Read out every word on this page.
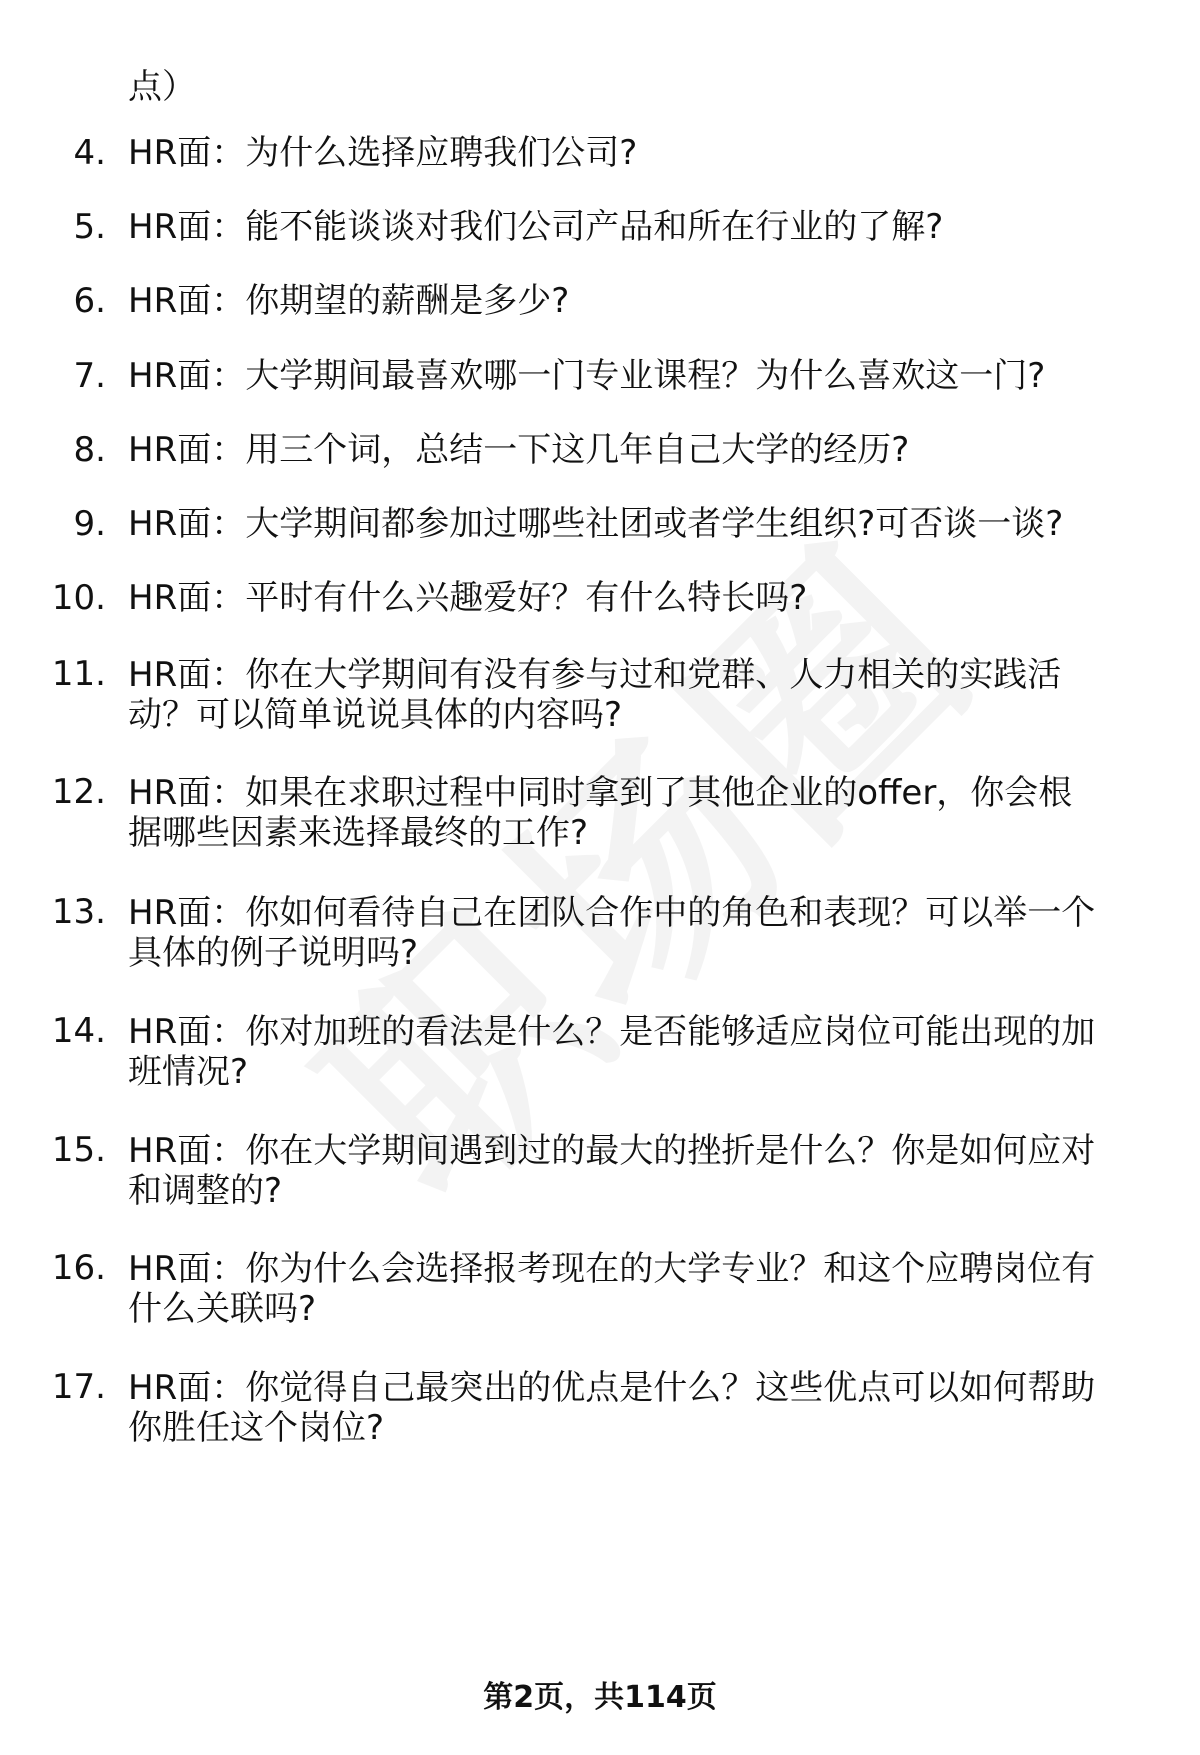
点）
4. HR面：为什么选择应聘我们公司?
5. HR面：能不能谈谈对我们公司产品和所在行业的了解?
6. HR面：你期望的薪酬是多少?
7. HR面：大学期间最喜欢哪一门专业课程？为什么喜欢这一门?
8. HR面：用三个词，总结一下这几年自己大学的经历?
9. HR面：大学期间都参加过哪些社团或者学生组织?可否谈一谈?
10. HR面：平时有什么兴趣爱好？有什么特长吗?
11. HR面：你在大学期间有没有参与过和党群、人力相关的实践活
动？可以简单说说具体的内容吗?
12. HR面：如果在求职过程中同时拿到了其他企业的offer，你会根
据哪些因素来选择最终的工作?
13. HR面：你如何看待自己在团队合作中的角色和表现？可以举一个
具体的例子说明吗?
14. HR面：你对加班的看法是什么？是否能够适应岗位可能出现的加
班情况?
15. HR面：你在大学期间遇到过的最大的挫折是什么？你是如何应对
和调整的?
16. HR面：你为什么会选择报考现在的大学专业？和这个应聘岗位有
什么关联吗?
17. HR面：你觉得自己最突出的优点是什么？这些优点可以如何帮助
你胜任这个岗位?
第2页，共114页
